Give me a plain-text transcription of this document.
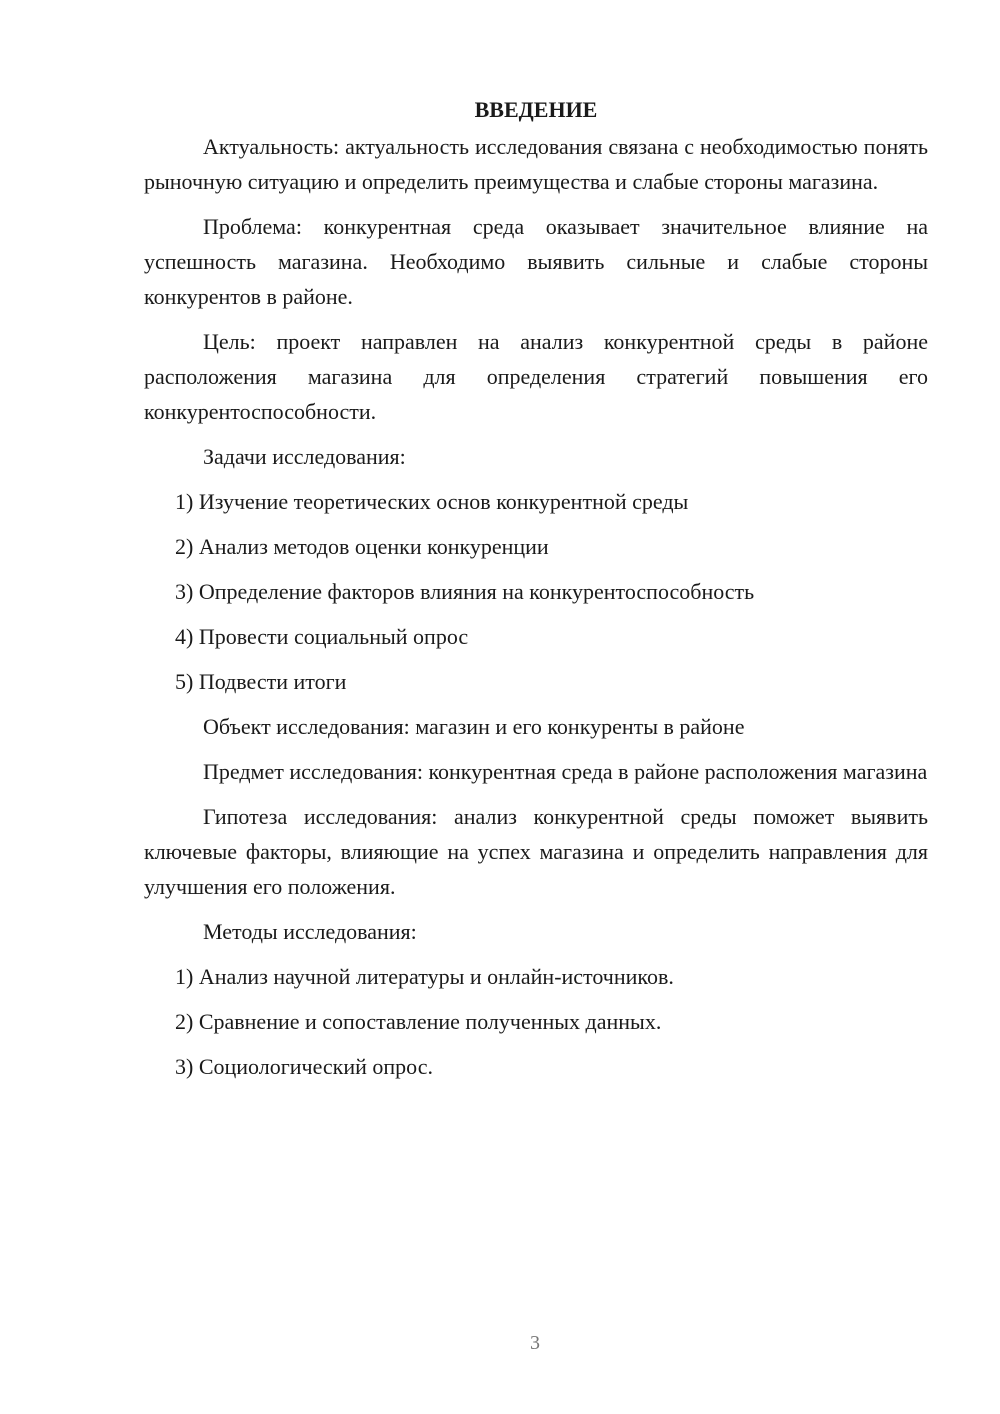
ВВЕДЕНИЕ

Актуальность: актуальность исследования связана с необходимостью понять рыночную ситуацию и определить преимущества и слабые стороны магазина.

Проблема: конкурентная среда оказывает значительное влияние на успешность магазина. Необходимо выявить сильные и слабые стороны конкурентов в районе.

Цель: проект направлен на анализ конкурентной среды в районе расположения магазина для определения стратегий повышения его конкурентоспособности.

Задачи исследования:

1) Изучение теоретических основ конкурентной среды
2) Анализ методов оценки конкуренции
3) Определение факторов влияния на конкурентоспособность
4) Провести социальный опрос
5) Подвести итоги

Объект исследования: магазин и его конкуренты в районе

Предмет исследования: конкурентная среда в районе расположения магазина

Гипотеза исследования: анализ конкурентной среды поможет выявить ключевые факторы, влияющие на успех магазина и определить направления для улучшения его положения.

Методы исследования:

1) Анализ научной литературы и онлайн-источников.
2) Сравнение и сопоставление полученных данных.
3) Социологический опрос.
3
